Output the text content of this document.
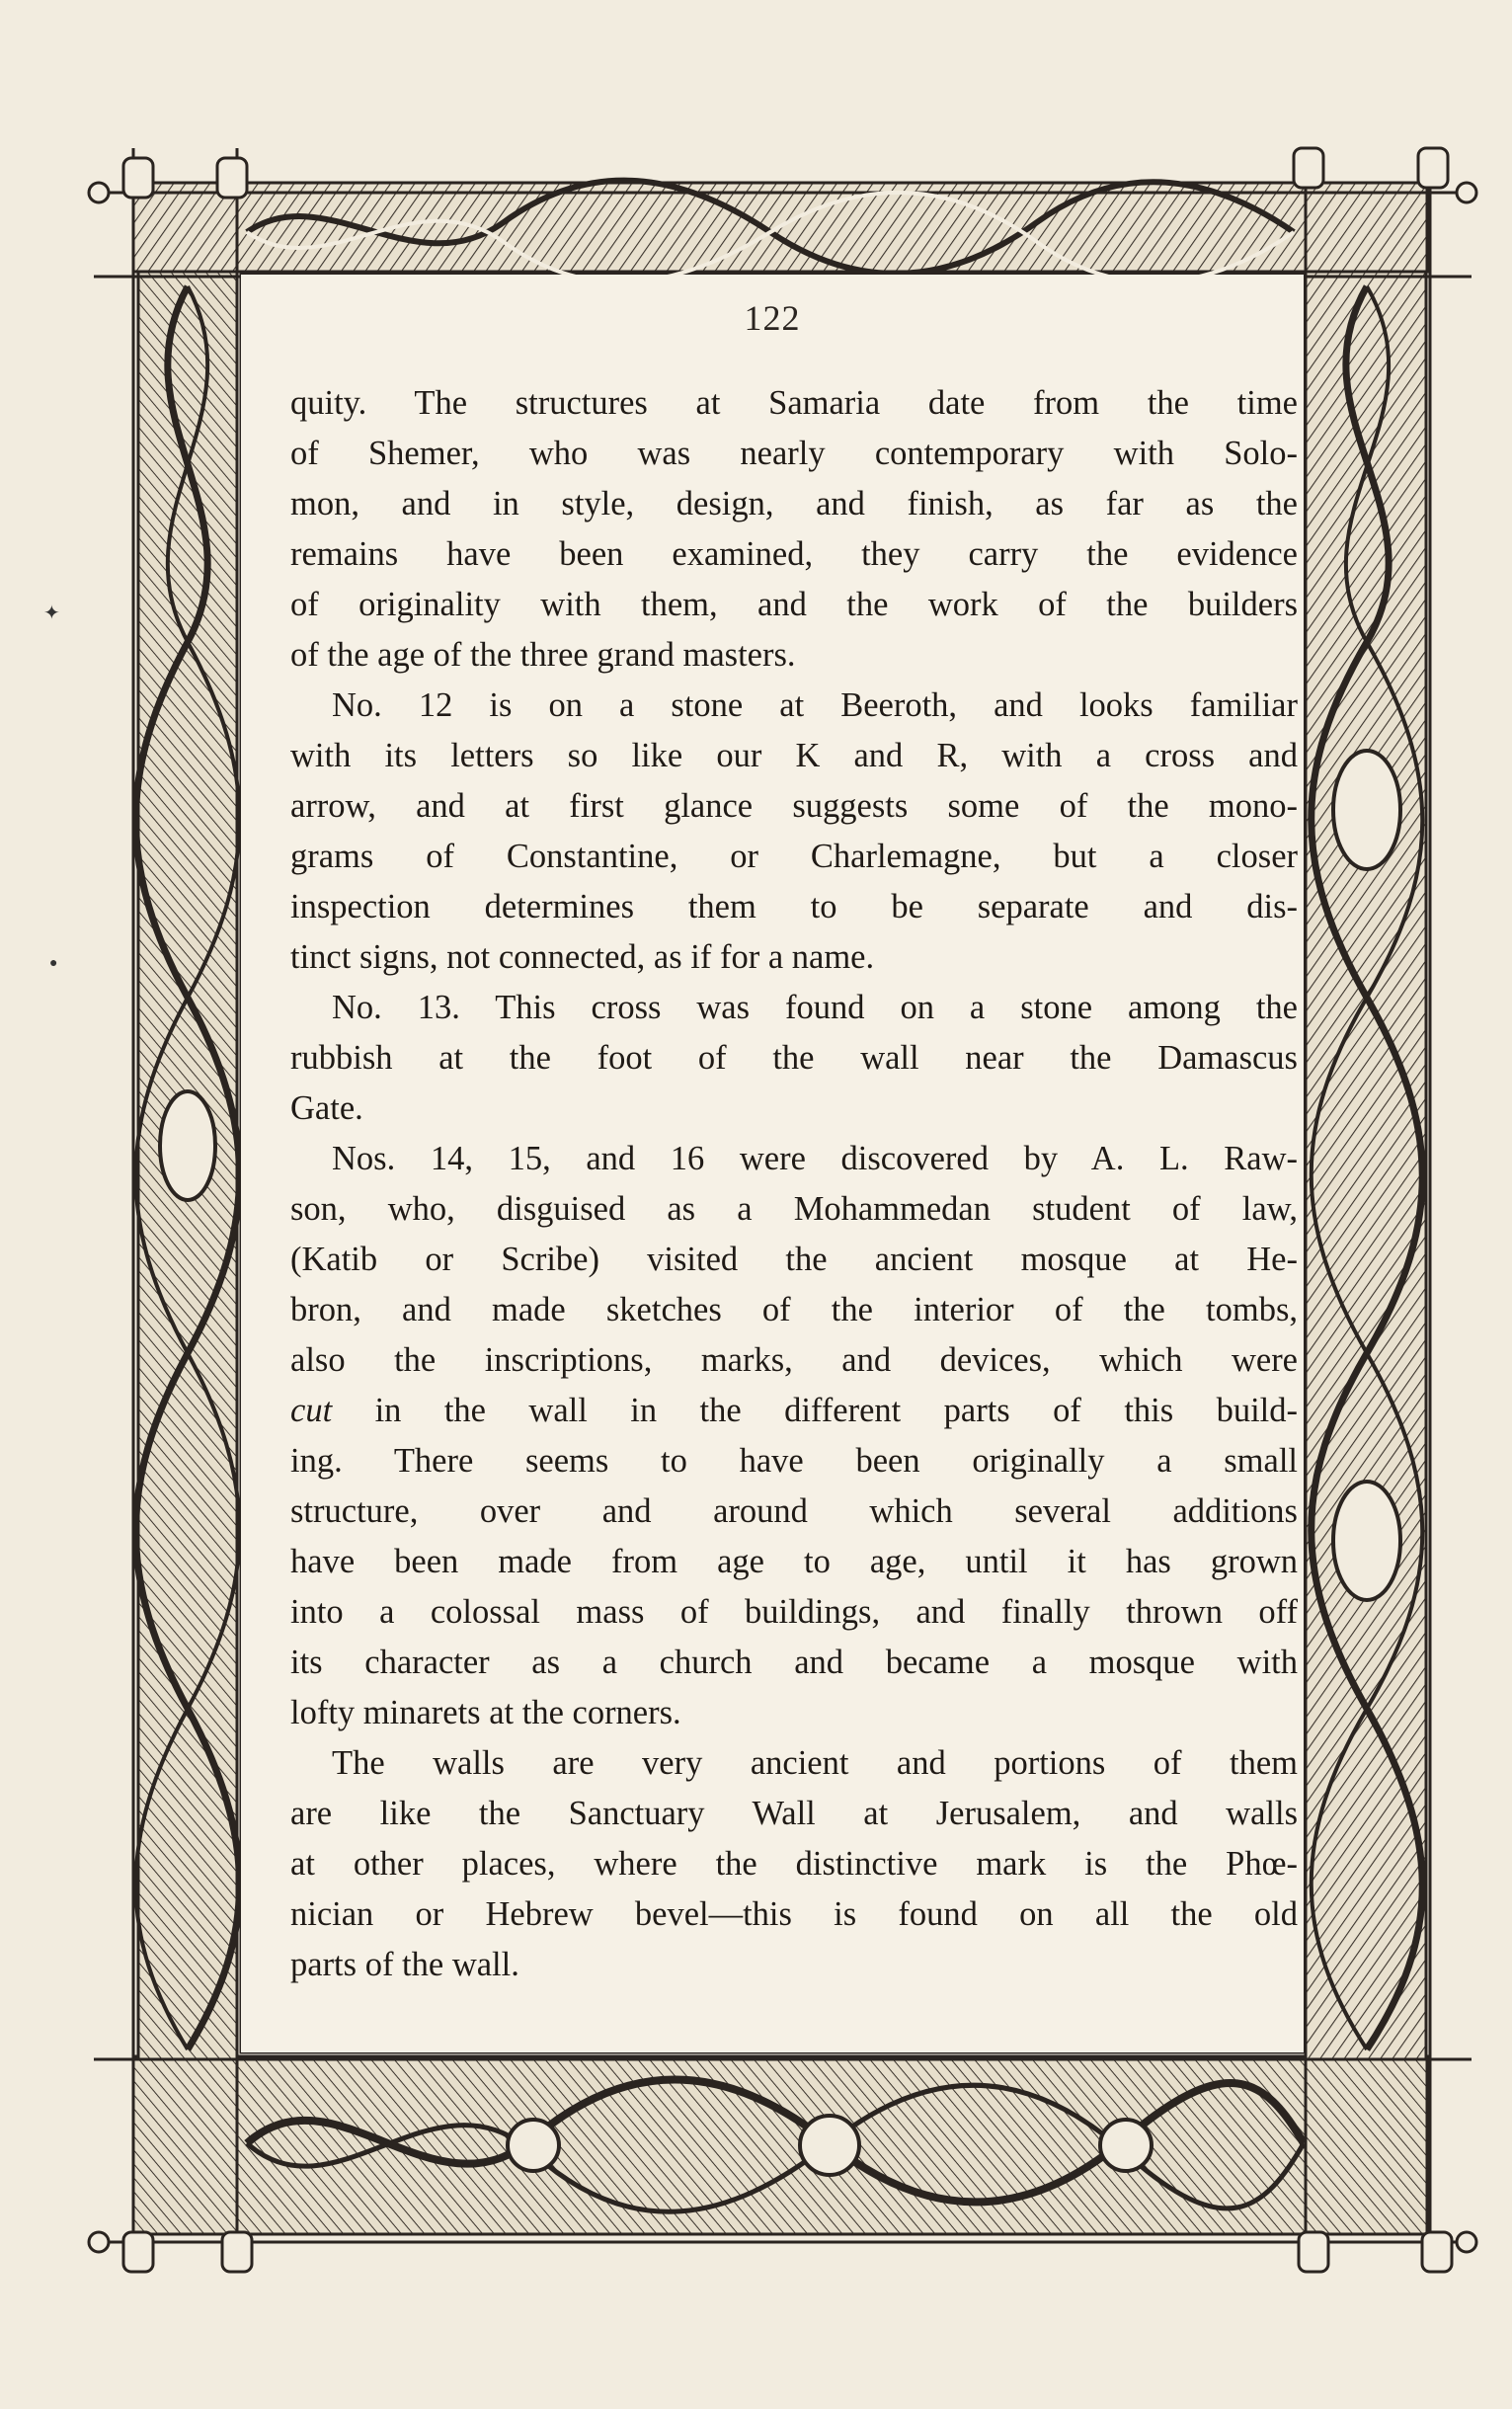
✦
●
122
quity. The structures at Samaria date from the time
of Shemer, who was nearly contemporary with Solo-
mon, and in style, design, and finish, as far as the
remains have been examined, they carry the evidence
of originality with them, and the work of the builders
of the age of the three grand masters.
No. 12 is on a stone at Beeroth, and looks familiar
with its letters so like our K and R, with a cross and
arrow, and at first glance suggests some of the mono-
grams of Constantine, or Charlemagne, but a closer
inspection determines them to be separate and dis-
tinct signs, not connected, as if for a name.
No. 13. This cross was found on a stone among the
rubbish at the foot of the wall near the Damascus
Gate.
Nos. 14, 15, and 16 were discovered by A. L. Raw-
son, who, disguised as a Mohammedan student of law,
(Katib or Scribe) visited the ancient mosque at He-
bron, and made sketches of the interior of the tombs,
also the inscriptions, marks, and devices, which were
cut in the wall in the different parts of this build-
ing. There seems to have been originally a small
structure, over and around which several additions
have been made from age to age, until it has grown
into a colossal mass of buildings, and finally thrown off
its character as a church and became a mosque with
lofty minarets at the corners.
The walls are very ancient and portions of them
are like the Sanctuary Wall at Jerusalem, and walls
at other places, where the distinctive mark is the Phœ-
nician or Hebrew bevel—this is found on all the old
parts of the wall.
